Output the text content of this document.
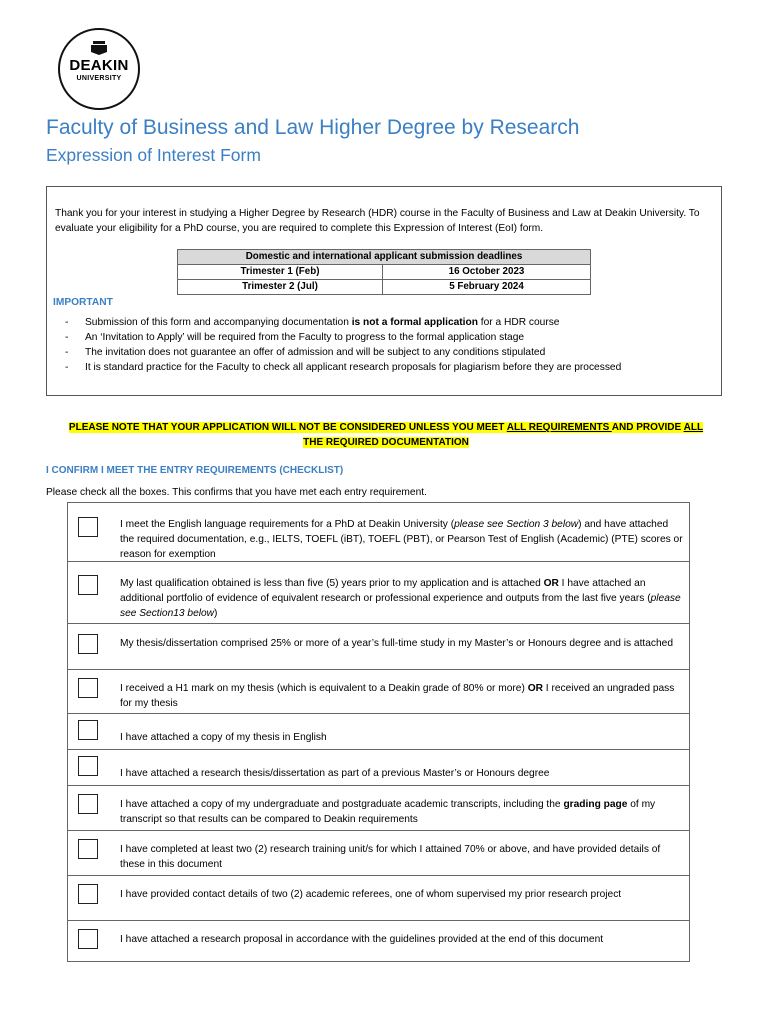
DEAKIN
UNIVERSITY
Faculty of Business and Law Higher Degree by Research
Expression of Interest Form
Thank you for your interest in studying a Higher Degree by Research (HDR) course in the Faculty of Business and Law at Deakin University. To evaluate your eligibility for a PhD course, you are required to complete this Expression of Interest (EoI) form.
Domestic and international applicant submission deadlines	
Trimester 1 (Feb)	16 October 2023
Trimester 2 (Jul)	5 February 2024
IMPORTANT
- Submission of this form and accompanying documentation is not a formal application for a HDR course
- An ‘Invitation to Apply’ will be required from the Faculty to progress to the formal application stage
- The invitation does not guarantee an offer of admission and will be subject to any conditions stipulated
- It is standard practice for the Faculty to check all applicant research proposals for plagiarism before they are processed
PLEASE NOTE THAT YOUR APPLICATION WILL NOT BE CONSIDERED UNLESS YOU MEET ALL REQUIREMENTS AND PROVIDE ALL
THE REQUIRED DOCUMENTATION
I CONFIRM I MEET THE ENTRY REQUIREMENTS (CHECKLIST)
Please check all the boxes. This confirms that you have met each entry requirement.
I meet the English language requirements for a PhD at Deakin University (please see Section 3 below) and have attached the required documentation, e.g., IELTS, TOEFL (iBT), TOEFL (PBT), or Pearson Test of English (Academic) (PTE) scores or reason for exemption
My last qualification obtained is less than five (5) years prior to my application and is attached OR I have attached an additional portfolio of evidence of equivalent research or professional experience and outputs from the last five years (please see Section13 below)
My thesis/dissertation comprised 25% or more of a year’s full-time study in my Master’s or Honours degree and is attached
I received a H1 mark on my thesis (which is equivalent to a Deakin grade of 80% or more) OR I received an ungraded pass for my thesis
I have attached a copy of my thesis in English
I have attached a research thesis/dissertation as part of a previous Master’s or Honours degree
I have attached a copy of my undergraduate and postgraduate academic transcripts, including the grading page of my transcript so that results can be compared to Deakin requirements
I have completed at least two (2) research training unit/s for which I attained 70% or above, and have provided details of these in this document
I have provided contact details of two (2) academic referees, one of whom supervised my prior research project
I have attached a research proposal in accordance with the guidelines provided at the end of this document
